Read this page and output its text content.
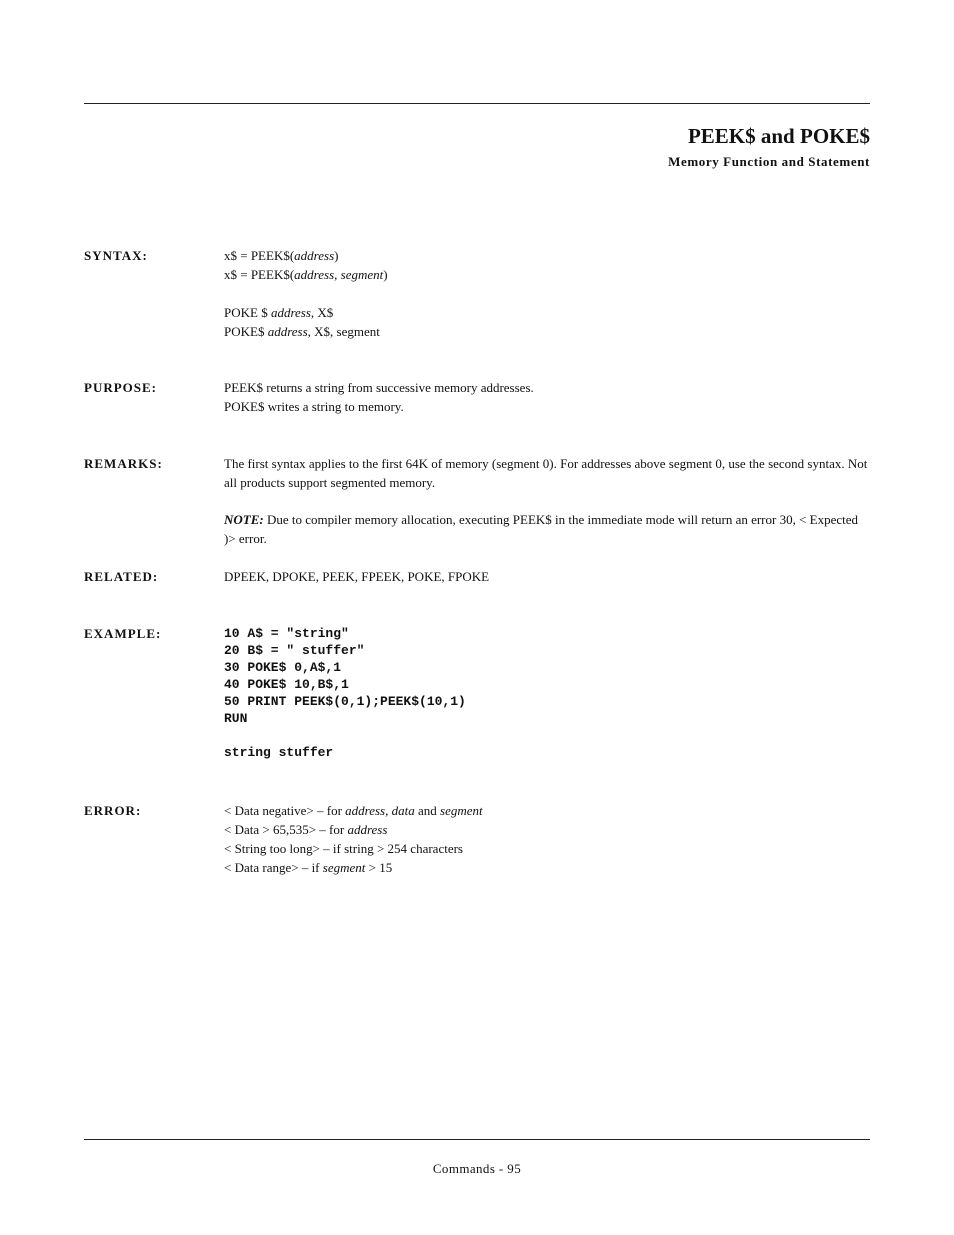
PEEK$ and POKE$
Memory Function and Statement
SYNTAX:	x$ = PEEK$(address)
x$ = PEEK$(address, segment)
POKE $ address, X$
POKE$ address, X$, segment
PURPOSE:	PEEK$ returns a string from successive memory addresses.
POKE$ writes a string to memory.
REMARKS:	The first syntax applies to the first 64K of memory (segment 0). For addresses above segment 0, use the second syntax. Not all products support segmented memory.
NOTE: Due to compiler memory allocation, executing PEEK$ in the immediate mode will return an error 30, < Expected )> error.
RELATED:	DPEEK, DPOKE, PEEK, FPEEK, POKE, FPOKE
EXAMPLE:	10 A$ = "string"
20 B$ = " stuffer"
30 POKE$ 0,A$,1
40 POKE$ 10,B$,1
50 PRINT PEEK$(0,1);PEEK$(10,1)
RUN
string stuffer
ERROR:	< Data negative> – for address, data and segment
< Data > 65,535> – for address
< String too long> – if string > 254 characters
< Data range> – if segment > 15
Commands - 95
